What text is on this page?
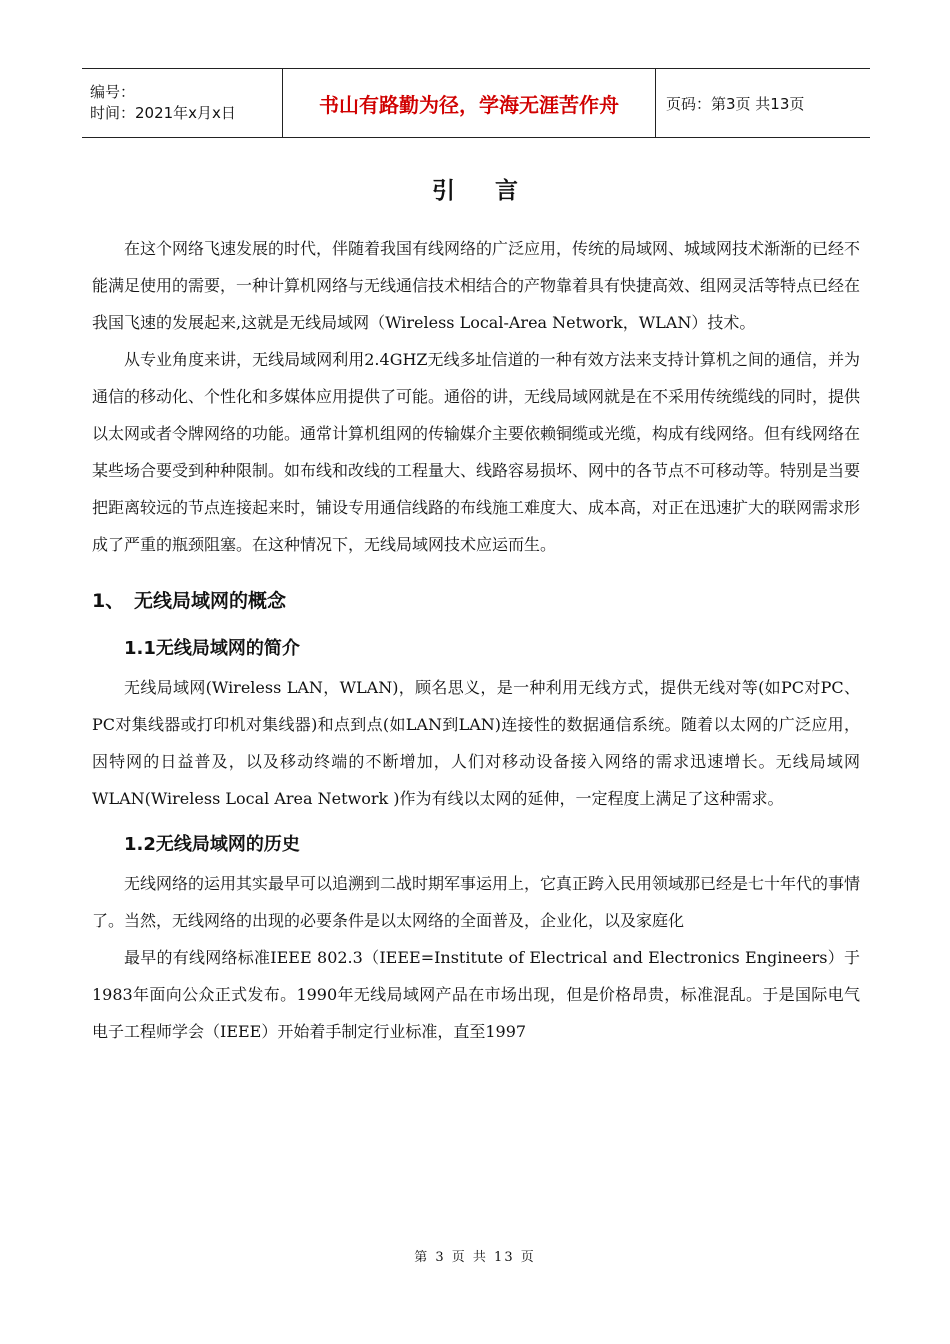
编号：
时间：2021年x月x日	书山有路勤为径，学海无涯苦作舟	页码：第3页 共13页
引言

在这个网络飞速发展的时代，伴随着我国有线网络的广泛应用，传统的局域网、城域网技术渐渐的已经不能满足使用的需要，一种计算机网络与无线通信技术相结合的产物靠着具有快捷高效、组网灵活等特点已经在我国飞速的发展起来,这就是无线局域网（Wireless Local-Area Network，WLAN）技术。

从专业角度来讲，无线局域网利用2.4GHZ无线多址信道的一种有效方法来支持计算机之间的通信，并为通信的移动化、个性化和多媒体应用提供了可能。通俗的讲，无线局域网就是在不采用传统缆线的同时，提供以太网或者令牌网络的功能。通常计算机组网的传输媒介主要依赖铜缆或光缆，构成有线网络。但有线网络在某些场合要受到种种限制。如布线和改线的工程量大、线路容易损坏、网中的各节点不可移动等。特别是当要把距离较远的节点连接起来时，铺设专用通信线路的布线施工难度大、成本高，对正在迅速扩大的联网需求形成了严重的瓶颈阻塞。在这种情况下，无线局域网技术应运而生。

1、 无线局域网的概念
1.1无线局域网的简介

无线局域网(Wireless LAN，WLAN)，顾名思义，是一种利用无线方式，提供无线对等(如PC对PC、PC对集线器或打印机对集线器)和点到点(如LAN到LAN)连接性的数据通信系统。随着以太网的广泛应用，因特网的日益普及，以及移动终端的不断增加，人们对移动设备接入网络的需求迅速增长。无线局域网WLAN(Wireless Local Area Network )作为有线以太网的延伸，一定程度上满足了这种需求。

1.2无线局域网的历史

无线网络的运用其实最早可以追溯到二战时期军事运用上，它真正跨入民用领域那已经是七十年代的事情了。当然，无线网络的出现的必要条件是以太网络的全面普及，企业化，以及家庭化

最早的有线网络标准IEEE 802.3（IEEE=Institute of Electrical and Electronics Engineers）于1983年面向公众正式发布。1990年无线局域网产品在市场出现，但是价格昂贵，标准混乱。于是国际电气电子工程师学会（IEEE）开始着手制定行业标准，直至1997

第 3 页 共 13 页
